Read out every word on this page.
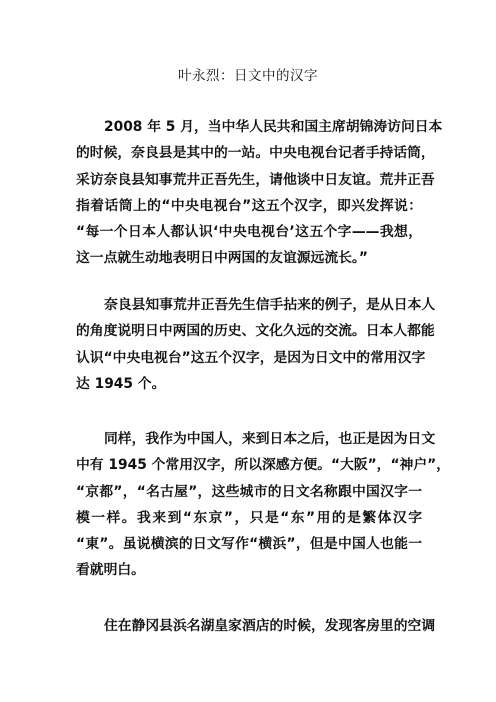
叶永烈：日文中的汉字
2008 年 5 月，当中华人民共和国主席胡锦涛访问日本
的时候，奈良县是其中的一站。中央电视台记者手持话筒，
采访奈良县知事荒井正吾先生，请他谈中日友谊。荒井正吾
指着话筒上的“中央电视台”这五个汉字，即兴发挥说：
“每一个日本人都认识‘中央电视台’这五个字——我想，
这一点就生动地表明日中两国的友谊源远流长。”
奈良县知事荒井正吾先生信手拈来的例子，是从日本人
的角度说明日中两国的历史、文化久远的交流。日本人都能
认识“中央电视台”这五个汉字，是因为日文中的常用汉字
达 1945 个。
同样，我作为中国人，来到日本之后，也正是因为日文
中有 1945 个常用汉字，所以深感方便。“大阪”，“神户”，
“京都”，“名古屋”，这些城市的日文名称跟中国汉字一
模一样。我来到“东京”，只是“东”用的是繁体汉字
“東”。虽说横滨的日文写作“横浜”，但是中国人也能一
看就明白。
住在静冈县浜名湖皇家酒店的时候，发现客房里的空调
